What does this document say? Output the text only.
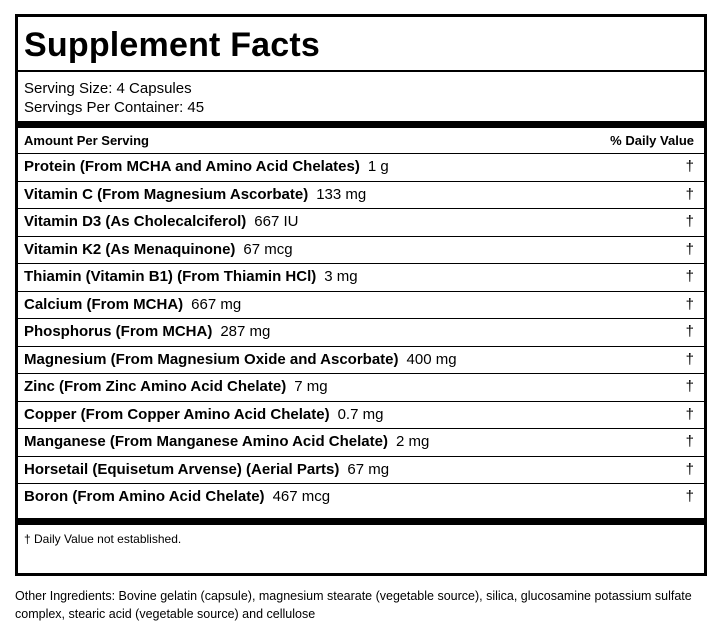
Supplement Facts
Serving Size: 4 Capsules
Servings Per Container: 45
Amount Per Serving	% Daily Value
Protein (From MCHA and Amino Acid Chelates) 1 g	†
Vitamin C (From Magnesium Ascorbate) 133 mg	†
Vitamin D3 (As Cholecalciferol) 667 IU	†
Vitamin K2 (As Menaquinone) 67 mcg	†
Thiamin (Vitamin B1) (From Thiamin HCl) 3 mg	†
Calcium (From MCHA) 667 mg	†
Phosphorus (From MCHA) 287 mg	†
Magnesium (From Magnesium Oxide and Ascorbate) 400 mg	†
Zinc (From Zinc Amino Acid Chelate) 7 mg	†
Copper (From Copper Amino Acid Chelate) 0.7 mg	†
Manganese (From Manganese Amino Acid Chelate) 2 mg	†
Horsetail (Equisetum Arvense) (Aerial Parts) 67 mg	†
Boron (From Amino Acid Chelate) 467 mcg	†
† Daily Value not established.
Other Ingredients: Bovine gelatin (capsule), magnesium stearate (vegetable source), silica, glucosamine potassium sulfate complex, stearic acid (vegetable source) and cellulose
